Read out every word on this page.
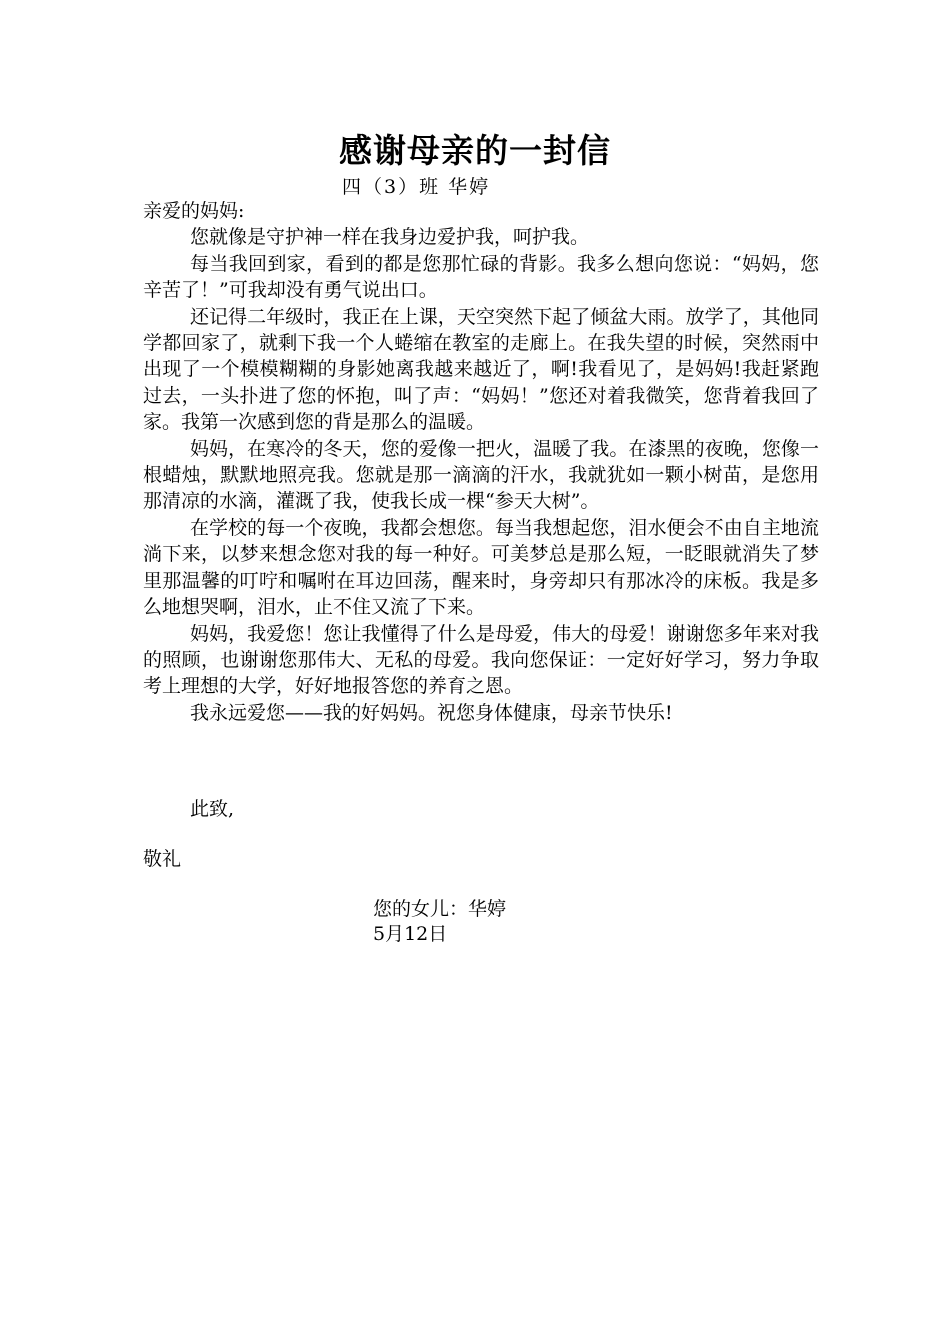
感谢母亲的一封信
四（3）班 华婷

亲爱的妈妈:

您就像是守护神一样在我身边爱护我，呵护我。

每当我回到家，看到的都是您那忙碌的背影。我多么想向您说：“妈妈，您辛苦了！”可我却没有勇气说出口。

还记得二年级时，我正在上课，天空突然下起了倾盆大雨。放学了，其他同学都回家了，就剩下我一个人蜷缩在教室的走廊上。在我失望的时候，突然雨中出现了一个模模糊糊的身影她离我越来越近了，啊!我看见了，是妈妈!我赶紧跑过去，一头扑进了您的怀抱，叫了声：“妈妈！”您还对着我微笑，您背着我回了家。我第一次感到您的背是那么的温暖。

妈妈，在寒冷的冬天，您的爱像一把火，温暖了我。在漆黑的夜晚，您像一根蜡烛，默默地照亮我。您就是那一滴滴的汗水，我就犹如一颗小树苗，是您用那清凉的水滴，灌溉了我，使我长成一棵“参天大树”。

在学校的每一个夜晚，我都会想您。每当我想起您，泪水便会不由自主地流淌下来，以梦来想念您对我的每一种好。可美梦总是那么短，一眨眼就消失了梦里那温馨的叮咛和嘱咐在耳边回荡，醒来时，身旁却只有那冰冷的床板。我是多么地想哭啊，泪水，止不住又流了下来。

妈妈，我爱您！您让我懂得了什么是母爱，伟大的母爱！谢谢您多年来对我的照顾，也谢谢您那伟大、无私的母爱。我向您保证：一定好好学习，努力争取考上理想的大学，好好地报答您的养育之恩。

我永远爱您——我的好妈妈。祝您身体健康，母亲节快乐!

此致,
敬礼
您的女儿：华婷
5月12日
